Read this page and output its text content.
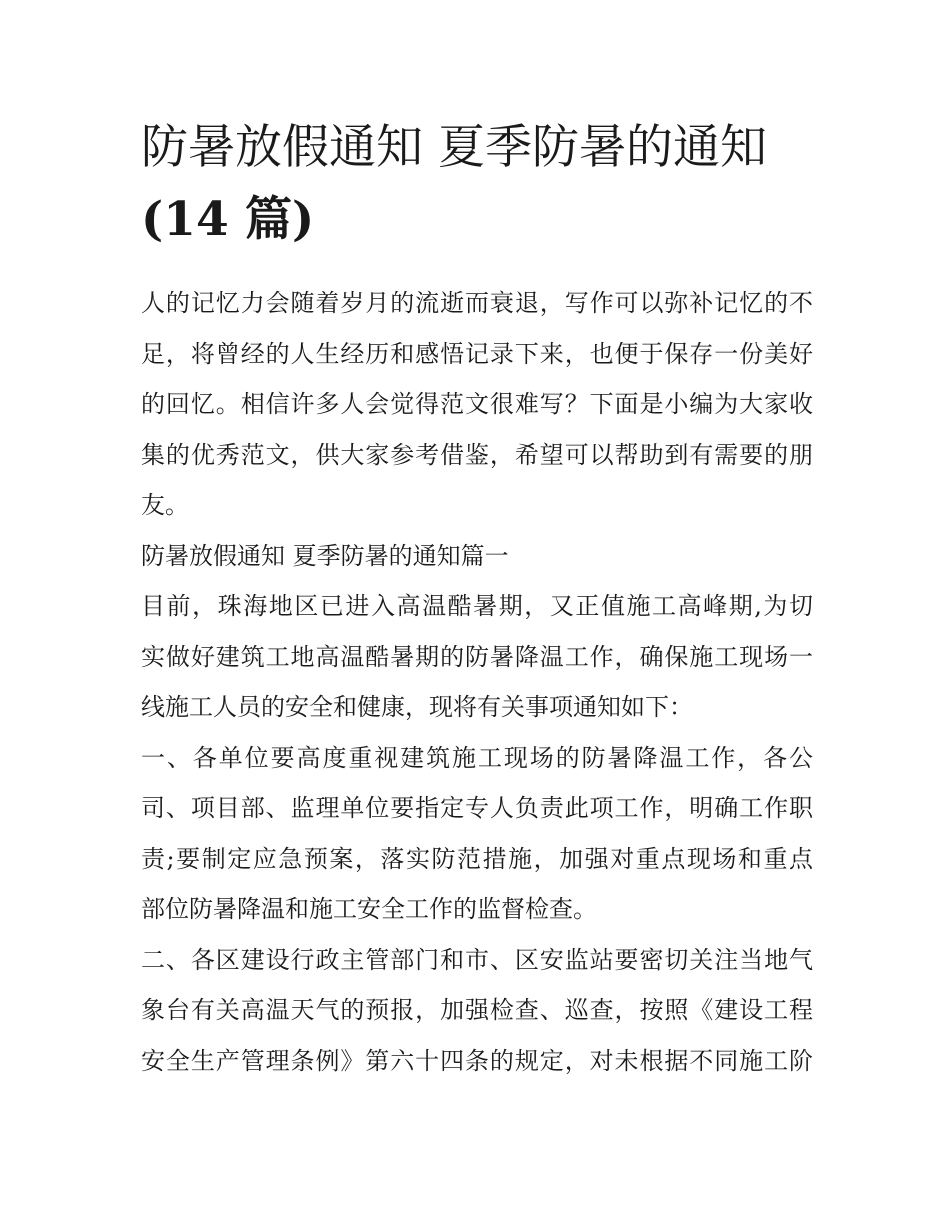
防暑放假通知 夏季防暑的通知
(14 篇)

人的记忆力会随着岁月的流逝而衰退，写作可以弥补记忆的不
足，将曾经的人生经历和感悟记录下来，也便于保存一份美好
的回忆。相信许多人会觉得范文很难写？下面是小编为大家收
集的优秀范文，供大家参考借鉴，希望可以帮助到有需要的朋
友。

防暑放假通知 夏季防暑的通知篇一

目前，珠海地区已进入高温酷暑期，又正值施工高峰期,为切
实做好建筑工地高温酷暑期的防暑降温工作，确保施工现场一
线施工人员的安全和健康，现将有关事项通知如下：

一、各单位要高度重视建筑施工现场的防暑降温工作，各公
司、项目部、监理单位要指定专人负责此项工作，明确工作职
责;要制定应急预案，落实防范措施，加强对重点现场和重点
部位防暑降温和施工安全工作的监督检查。

二、各区建设行政主管部门和市、区安监站要密切关注当地气
象台有关高温天气的预报，加强检查、巡查，按照《建设工程
安全生产管理条例》第六十四条的规定，对未根据不同施工阶
